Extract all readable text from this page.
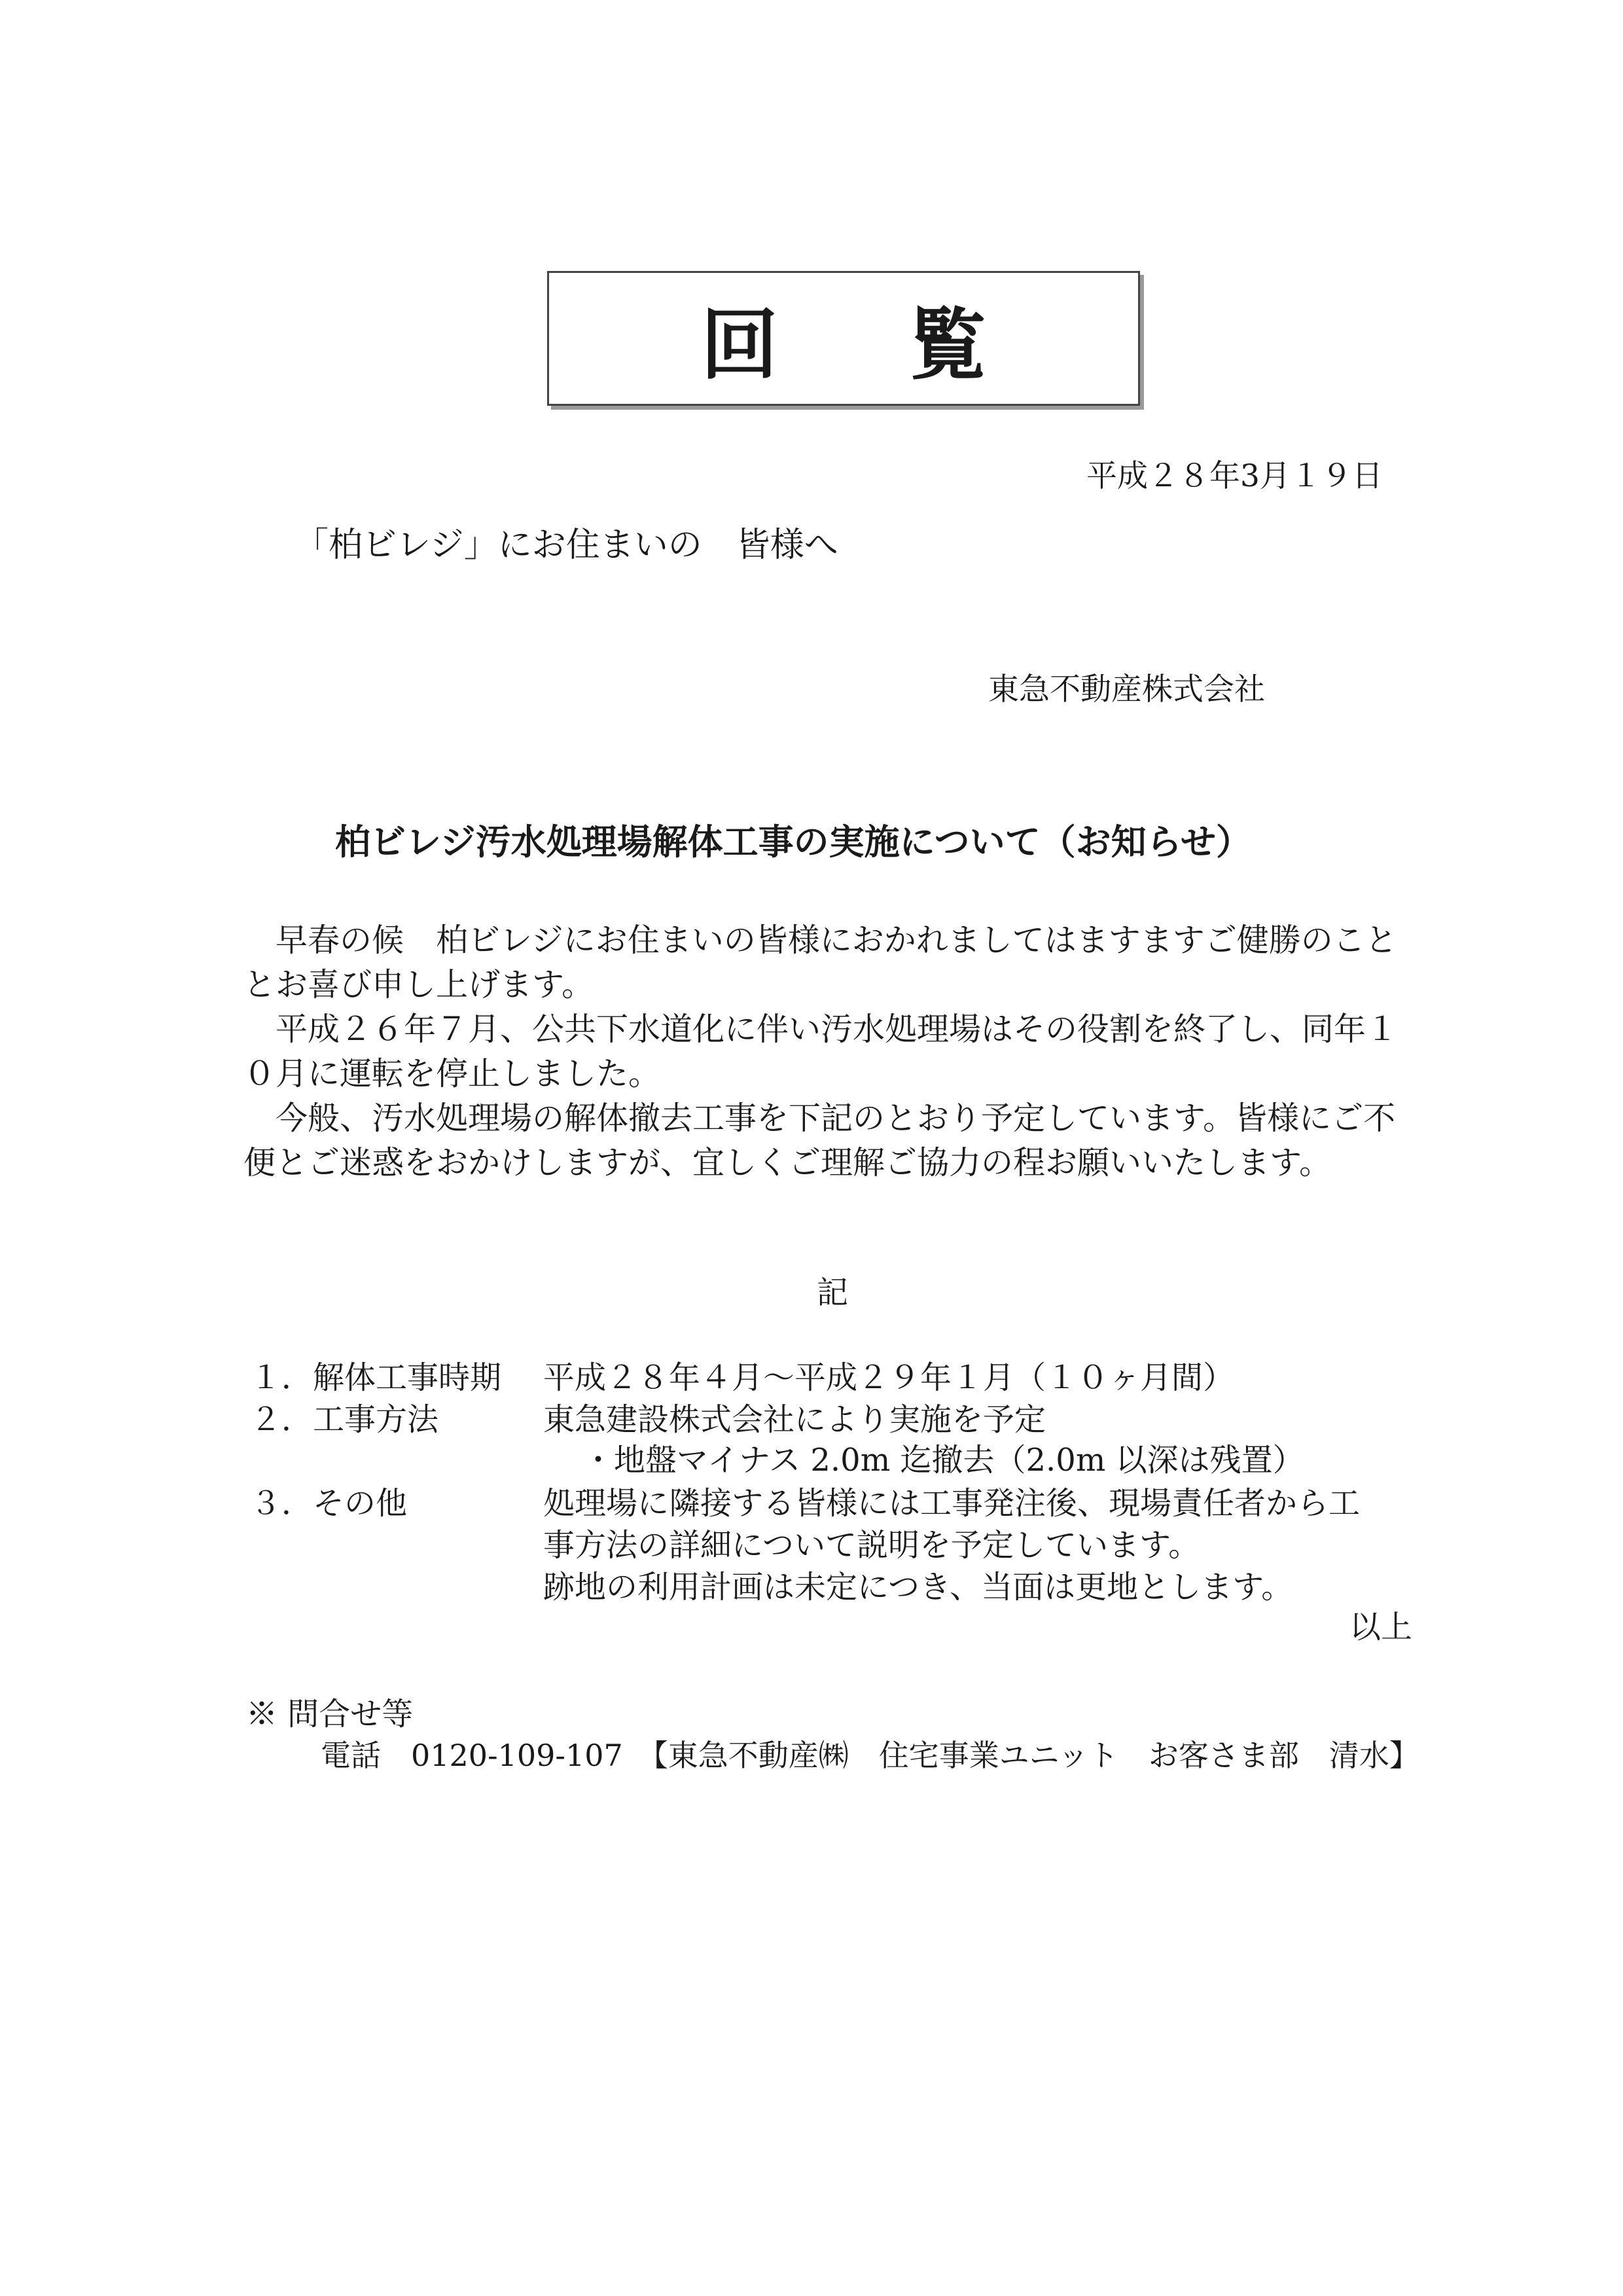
回覧
平成２８年3月１９日
「柏ビレジ」にお住まいの　皆様へ
東急不動産株式会社
柏ビレジ汚水処理場解体工事の実施について（お知らせ）

早春の候　柏ビレジにお住まいの皆様におかれましてはますますご健勝のこととお喜び申し上げます。

平成２６年７月、公共下水道化に伴い汚水処理場はその役割を終了し、同年１０月に運転を停止しました。

今般、汚水処理場の解体撤去工事を下記のとおり予定しています。皆様にご不便とご迷惑をおかけしますが、宜しくご理解ご協力の程お願いいたします。

記
１．解体工事時期 平成２８年４月～平成２９年１月（１０ヶ月間）
２．工事方法	東急建設株式会社により実施を予定
・地盤マイナス 2.0m 迄撤去（2.0m 以深は残置）
３．その他	処理場に隣接する皆様には工事発注後、現場責任者から工
事方法の詳細について説明を予定しています。
跡地の利用計画は未定につき、当面は更地とします。
以上
※ 問合せ等
電話　0120-109-107　【東急不動産㈱　住宅事業ユニット　お客さま部　清水】
